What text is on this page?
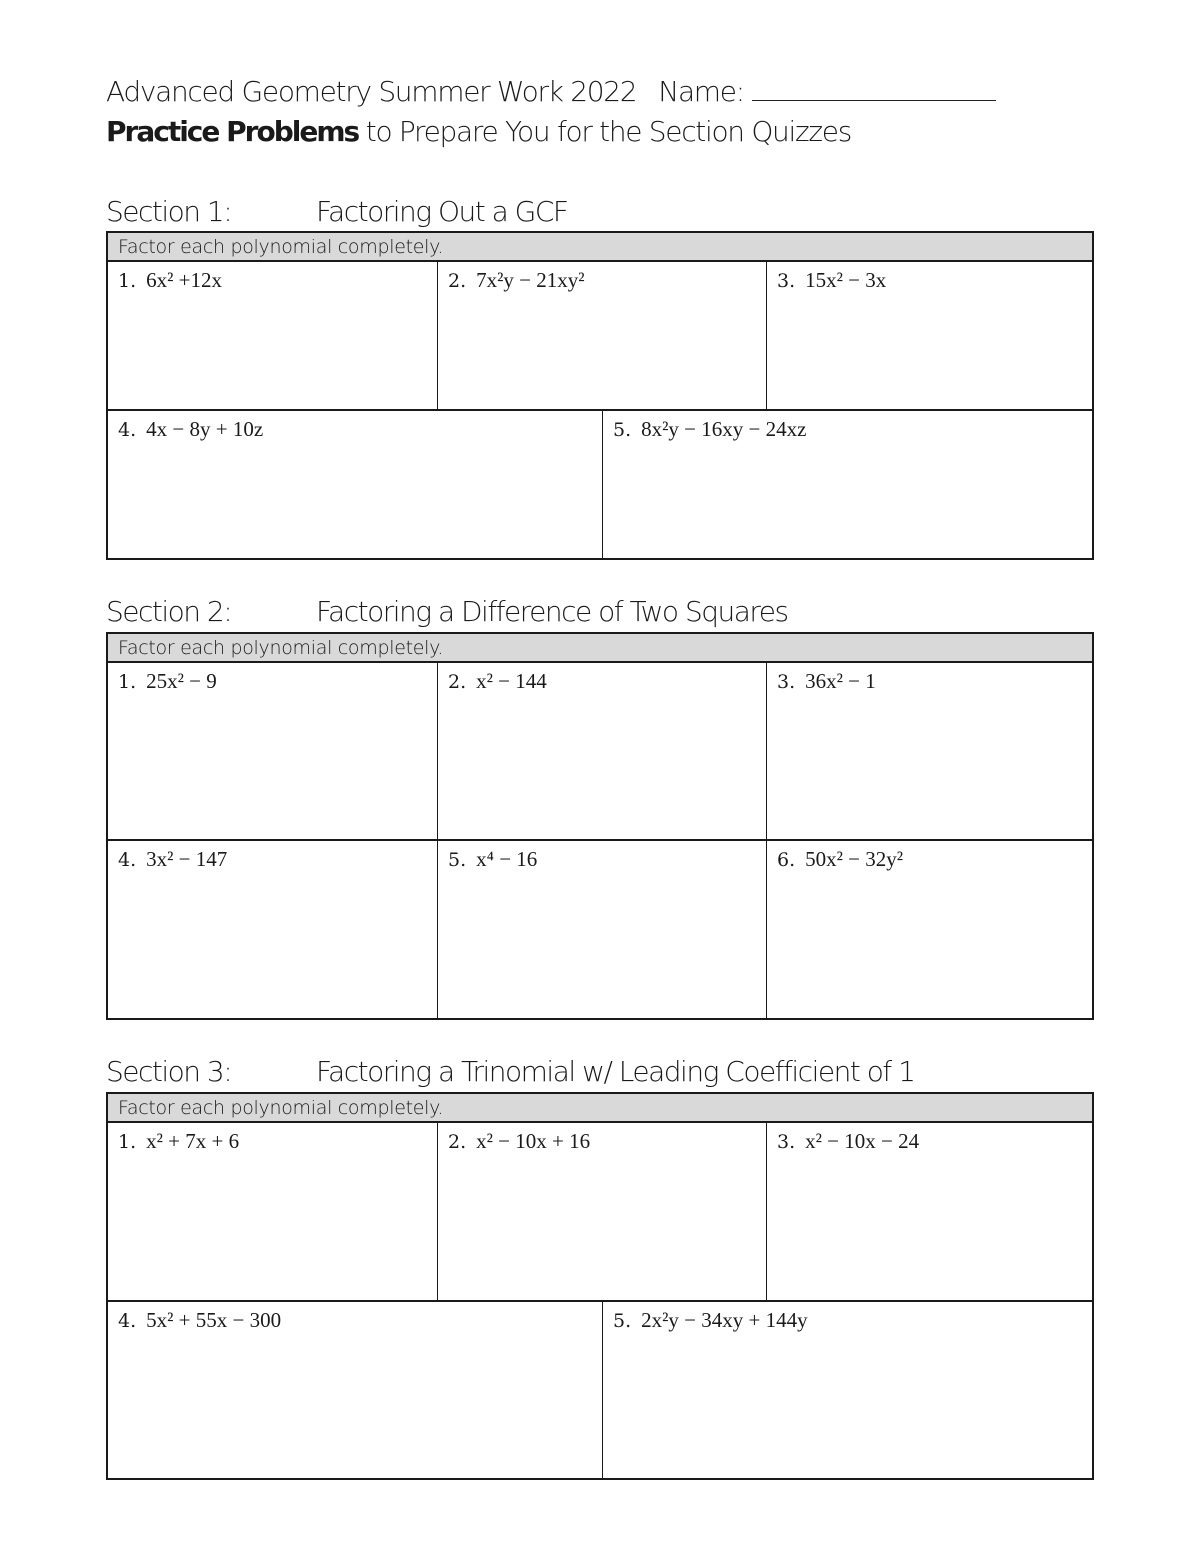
Advanced Geometry Summer Work 2022 Name:
Practice Problems to Prepare You for the Section Quizzes
Section 1:	Factoring Out a GCF
Factor each polynomial completely.
1. 6x² +12x	2. 7x²y − 21xy²	3. 15x² − 3x
4. 4x − 8y + 10z	5. 8x²y − 16xy − 24xz
Section 2:	Factoring a Difference of Two Squares
Factor each polynomial completely.
1. 25x² − 9	2. x² − 144	3. 36x² − 1
4. 3x² − 147	5. x⁴ − 16	6. 50x² − 32y²
Section 3:	Factoring a Trinomial w/ Leading Coefficient of 1
Factor each polynomial completely.
1. x² + 7x + 6	2. x² − 10x + 16	3. x² − 10x − 24
4. 5x² + 55x − 300	5. 2x²y − 34xy + 144y
